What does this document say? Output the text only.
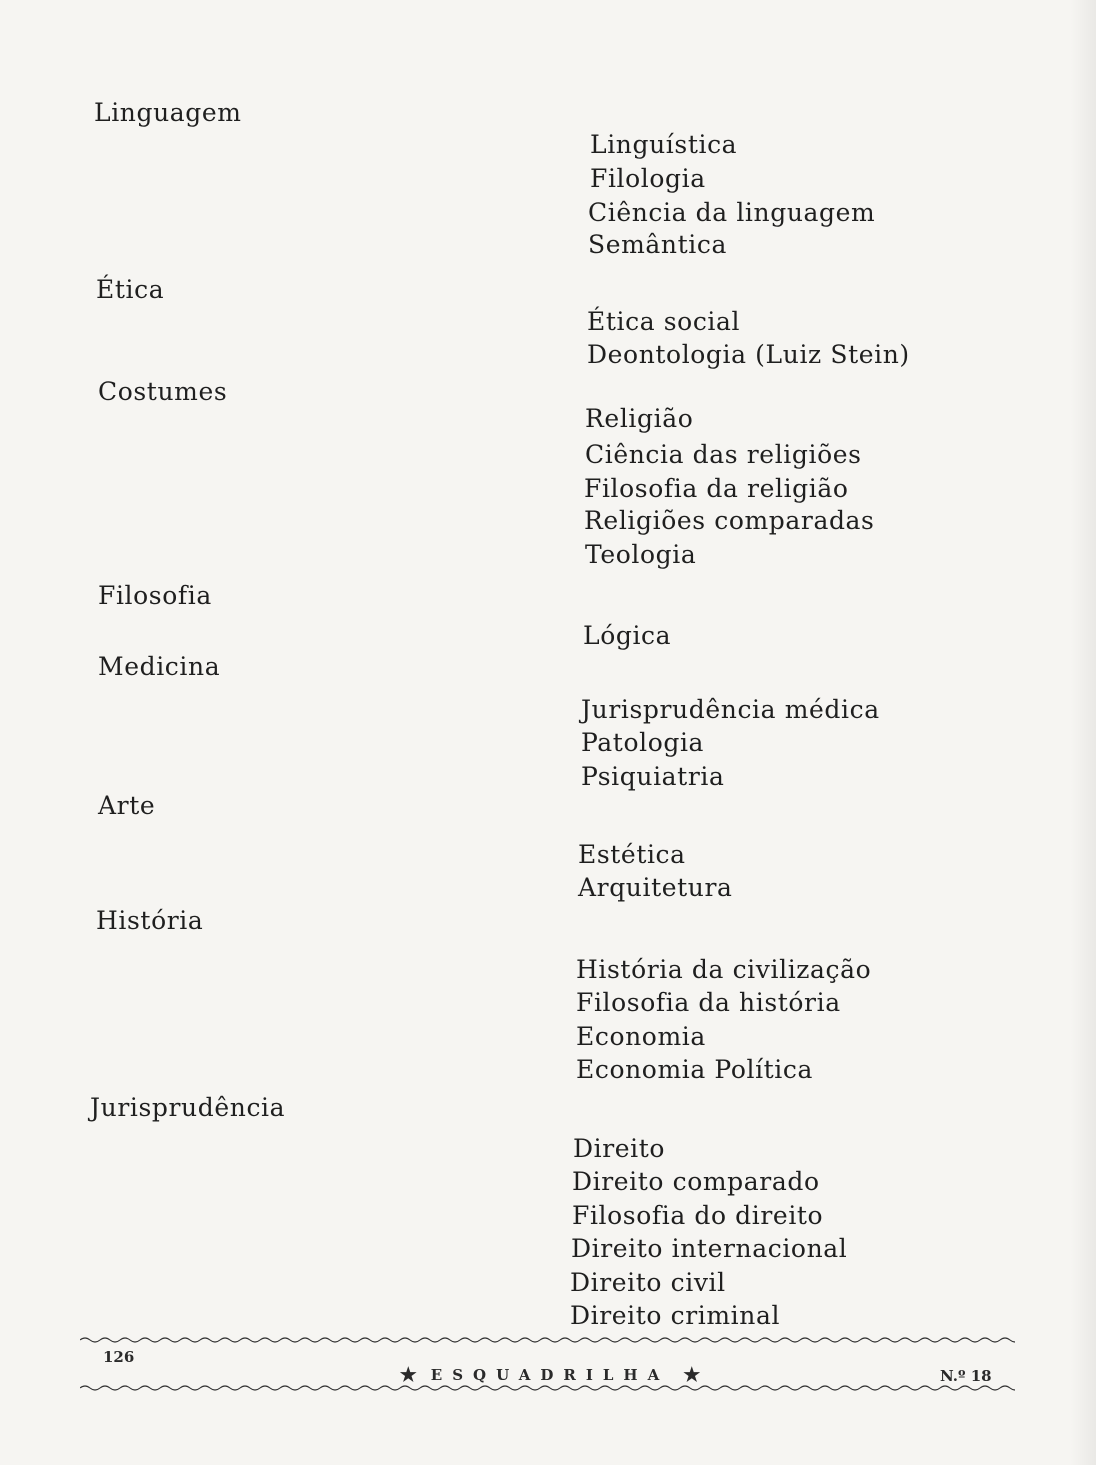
Linguagem
Ética
Costumes
Filosofia
Medicina
Arte
História
Jurisprudência
Linguística
Filologia
Ciência da linguagem
Semântica
Ética social
Deontologia (Luiz Stein)
Religião
Ciência das religiões
Filosofia da religião
Religiões comparadas
Teologia
Lógica
Jurisprudência médica
Patologia
Psiquiatria
Estética
Arquitetura
História da civilização
Filosofia da história
Economia
Economia Política
Direito
Direito comparado
Filosofia do direito
Direito internacional
Direito civil
Direito criminal
126
★ ESQUADRILHA ★	N.º 18
